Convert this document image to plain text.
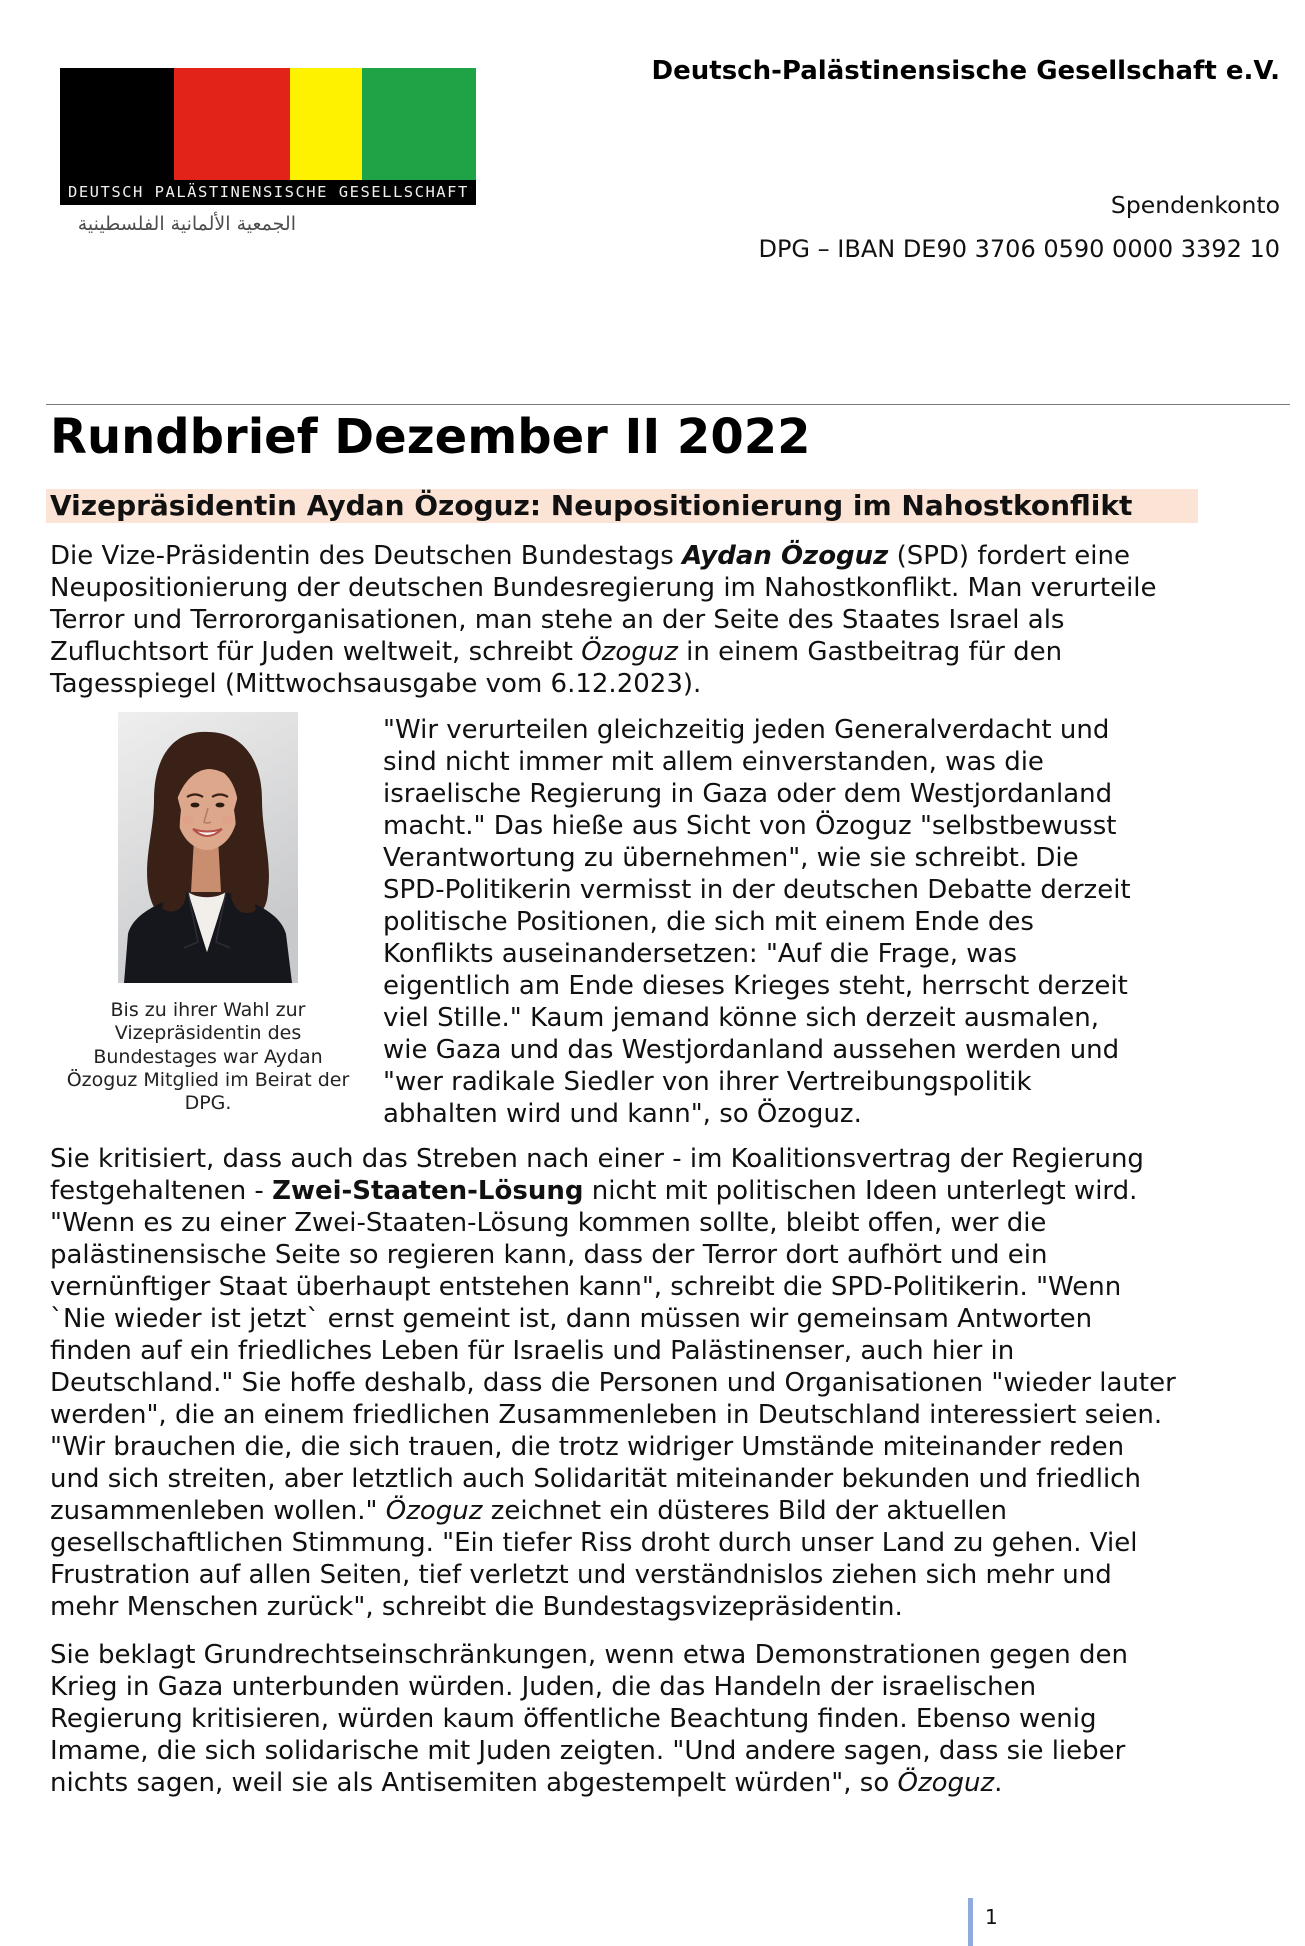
DEUTSCH PALÄSTINENSISCHE GESELLSCHAFT
الجمعية الألمانية الفلسطينية
Deutsch-Palästinensische Gesellschaft e.V.
Spendenkonto
DPG – IBAN DE90 3706 0590 0000 3392 10
Rundbrief Dezember II 2022
Vizepräsidentin Aydan Özoguz: Neupositionierung im Nahostkonflikt
Die Vize-Präsidentin des Deutschen Bundestags Aydan Özoguz (SPD) fordert eine
Neupositionierung der deutschen Bundesregierung im Nahostkonflikt. Man verurteile
Terror und Terrororganisationen, man stehe an der Seite des Staates Israel als
Zufluchtsort für Juden weltweit, schreibt Özoguz in einem Gastbeitrag für den
Tagesspiegel (Mittwochsausgabe vom 6.12.2023).
Bis zu ihrer Wahl zur
Vizepräsidentin des
Bundestages war Aydan
Özoguz Mitglied im Beirat der
DPG.
"Wir verurteilen gleichzeitig jeden Generalverdacht und
sind nicht immer mit allem einverstanden, was die
israelische Regierung in Gaza oder dem Westjordanland
macht." Das hieße aus Sicht von Özoguz "selbstbewusst
Verantwortung zu übernehmen", wie sie schreibt. Die
SPD-Politikerin vermisst in der deutschen Debatte derzeit
politische Positionen, die sich mit einem Ende des
Konflikts auseinandersetzen: "Auf die Frage, was
eigentlich am Ende dieses Krieges steht, herrscht derzeit
viel Stille." Kaum jemand könne sich derzeit ausmalen,
wie Gaza und das Westjordanland aussehen werden und
"wer radikale Siedler von ihrer Vertreibungspolitik
abhalten wird und kann", so Özoguz.
Sie kritisiert, dass auch das Streben nach einer - im Koalitionsvertrag der Regierung
festgehaltenen - Zwei-Staaten-Lösung nicht mit politischen Ideen unterlegt wird.
"Wenn es zu einer Zwei-Staaten-Lösung kommen sollte, bleibt offen, wer die
palästinensische Seite so regieren kann, dass der Terror dort aufhört und ein
vernünftiger Staat überhaupt entstehen kann", schreibt die SPD-Politikerin. "Wenn
`Nie wieder ist jetzt` ernst gemeint ist, dann müssen wir gemeinsam Antworten
finden auf ein friedliches Leben für Israelis und Palästinenser, auch hier in
Deutschland." Sie hoffe deshalb, dass die Personen und Organisationen "wieder lauter
werden", die an einem friedlichen Zusammenleben in Deutschland interessiert seien.
"Wir brauchen die, die sich trauen, die trotz widriger Umstände miteinander reden
und sich streiten, aber letztlich auch Solidarität miteinander bekunden und friedlich
zusammenleben wollen." Özoguz zeichnet ein düsteres Bild der aktuellen
gesellschaftlichen Stimmung. "Ein tiefer Riss droht durch unser Land zu gehen. Viel
Frustration auf allen Seiten, tief verletzt und verständnislos ziehen sich mehr und
mehr Menschen zurück", schreibt die Bundestagsvizepräsidentin.
Sie beklagt Grundrechtseinschränkungen, wenn etwa Demonstrationen gegen den
Krieg in Gaza unterbunden würden. Juden, die das Handeln der israelischen
Regierung kritisieren, würden kaum öffentliche Beachtung finden. Ebenso wenig
Imame, die sich solidarische mit Juden zeigten. "Und andere sagen, dass sie lieber
nichts sagen, weil sie als Antisemiten abgestempelt würden", so Özoguz.
1
